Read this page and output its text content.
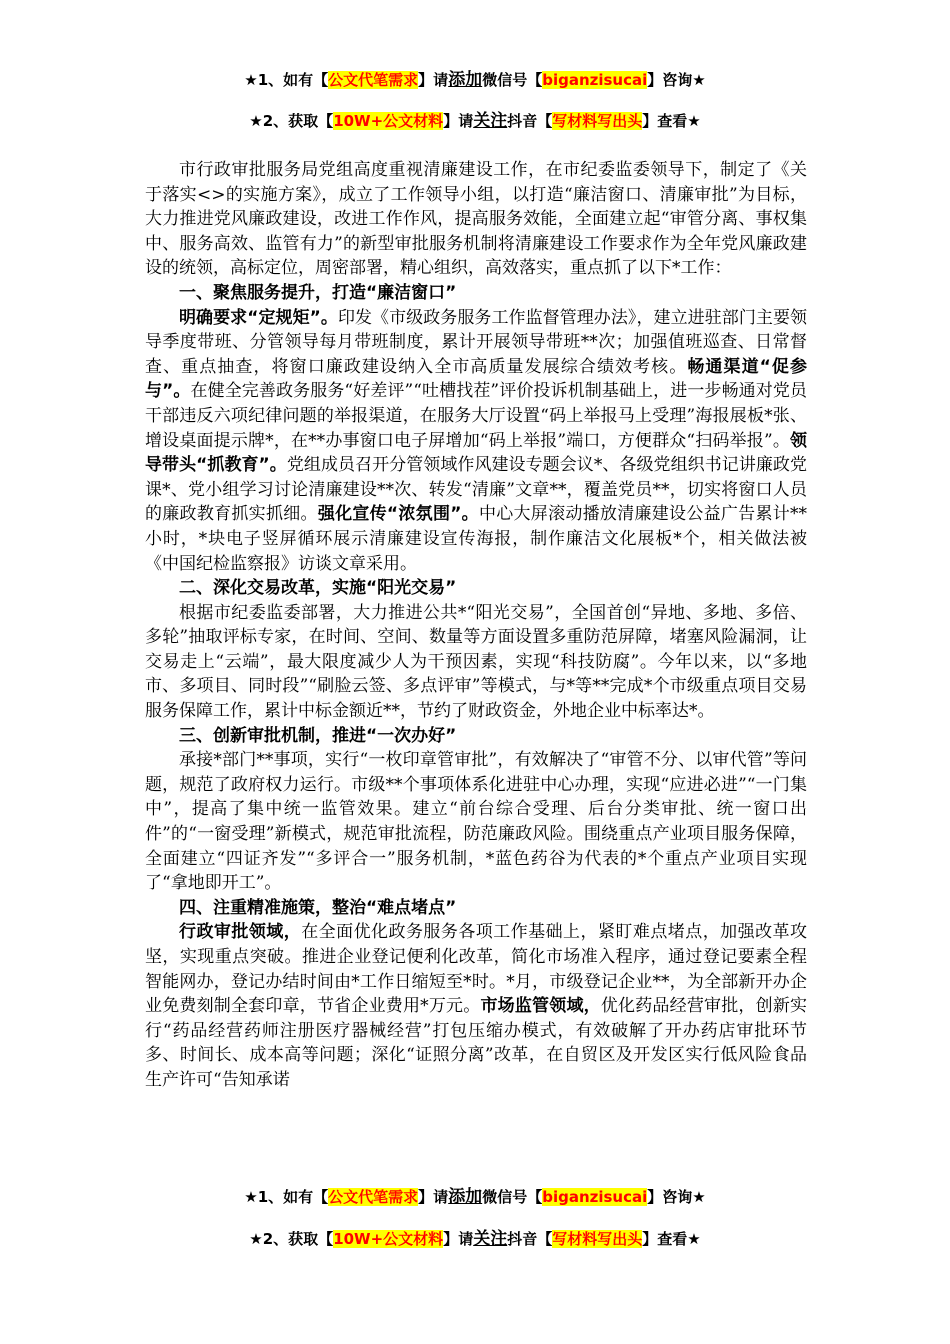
★1、如有【公文代笔需求】请添加微信号【biganzisucai】咨询★
★2、获取【10W+公文材料】请关注抖音【写材料写出头】查看★

市行政审批服务局党组高度重视清廉建设工作，在市纪委监委领导下，制定了《关于落实<>的实施方案》，成立了工作领导小组，以打造“廉洁窗口、清廉审批”为目标，大力推进党风廉政建设，改进工作作风，提高服务效能，全面建立起“审管分离、事权集中、服务高效、监管有力”的新型审批服务机制将清廉建设工作要求作为全年党风廉政建设的统领，高标定位，周密部署，精心组织，高效落实，重点抓了以下*工作：

一、聚焦服务提升，打造“廉洁窗口”

明确要求“定规矩”。印发《市级政务服务工作监督管理办法》，建立进驻部门主要领导季度带班、分管领导每月带班制度，累计开展领导带班**次；加强值班巡查、日常督查、重点抽查，将窗口廉政建设纳入全市高质量发展综合绩效考核。畅通渠道“促参与”。在健全完善政务服务“好差评”“吐槽找茬”评价投诉机制基础上，进一步畅通对党员干部违反六项纪律问题的举报渠道，在服务大厅设置“码上举报马上受理”海报展板*张、增设桌面提示牌*，在**办事窗口电子屏增加“码上举报”端口，方便群众“扫码举报”。领导带头“抓教育”。党组成员召开分管领域作风建设专题会议*、各级党组织书记讲廉政党课*、党小组学习讨论清廉建设**次、转发“清廉”文章**，覆盖党员**，切实将窗口人员的廉政教育抓实抓细。强化宣传“浓氛围”。中心大屏滚动播放清廉建设公益广告累计**小时，*块电子竖屏循环展示清廉建设宣传海报，制作廉洁文化展板*个，相关做法被《中国纪检监察报》访谈文章采用。

二、深化交易改革，实施“阳光交易”

根据市纪委监委部署，大力推进公共*“阳光交易”，全国首创“异地、多地、多倍、多轮”抽取评标专家，在时间、空间、数量等方面设置多重防范屏障，堵塞风险漏洞，让交易走上“云端”，最大限度减少人为干预因素，实现“科技防腐”。今年以来，以“多地市、多项目、同时段”“刷脸云签、多点评审”等模式，与*等**完成*个市级重点项目交易服务保障工作，累计中标金额近**，节约了财政资金，外地企业中标率达*。

三、创新审批机制，推进“一次办好”

承接*部门**事项，实行“一枚印章管审批”，有效解决了“审管不分、以审代管”等问题，规范了政府权力运行。市级**个事项体系化进驻中心办理，实现“应进必进”“一门集中”，提高了集中统一监管效果。建立“前台综合受理、后台分类审批、统一窗口出件”的“一窗受理”新模式，规范审批流程，防范廉政风险。围绕重点产业项目服务保障，全面建立“四证齐发”“多评合一”服务机制，*蓝色药谷为代表的*个重点产业项目实现了“拿地即开工”。

四、注重精准施策，整治“难点堵点”

行政审批领域，在全面优化政务服务各项工作基础上，紧盯难点堵点，加强改革攻坚，实现重点突破。推进企业登记便利化改革，简化市场准入程序，通过登记要素全程智能网办，登记办结时间由*工作日缩短至*时。*月，市级登记企业**，为全部新开办企业免费刻制全套印章，节省企业费用*万元。市场监管领域，优化药品经营审批，创新实行“药品经营药师注册医疗器械经营”打包压缩办模式，有效破解了开办药店审批环节多、时间长、成本高等问题；深化“证照分离”改革，在自贸区及开发区实行低风险食品生产许可“告知承诺

★1、如有【公文代笔需求】请添加微信号【biganzisucai】咨询★
★2、获取【10W+公文材料】请关注抖音【写材料写出头】查看★
